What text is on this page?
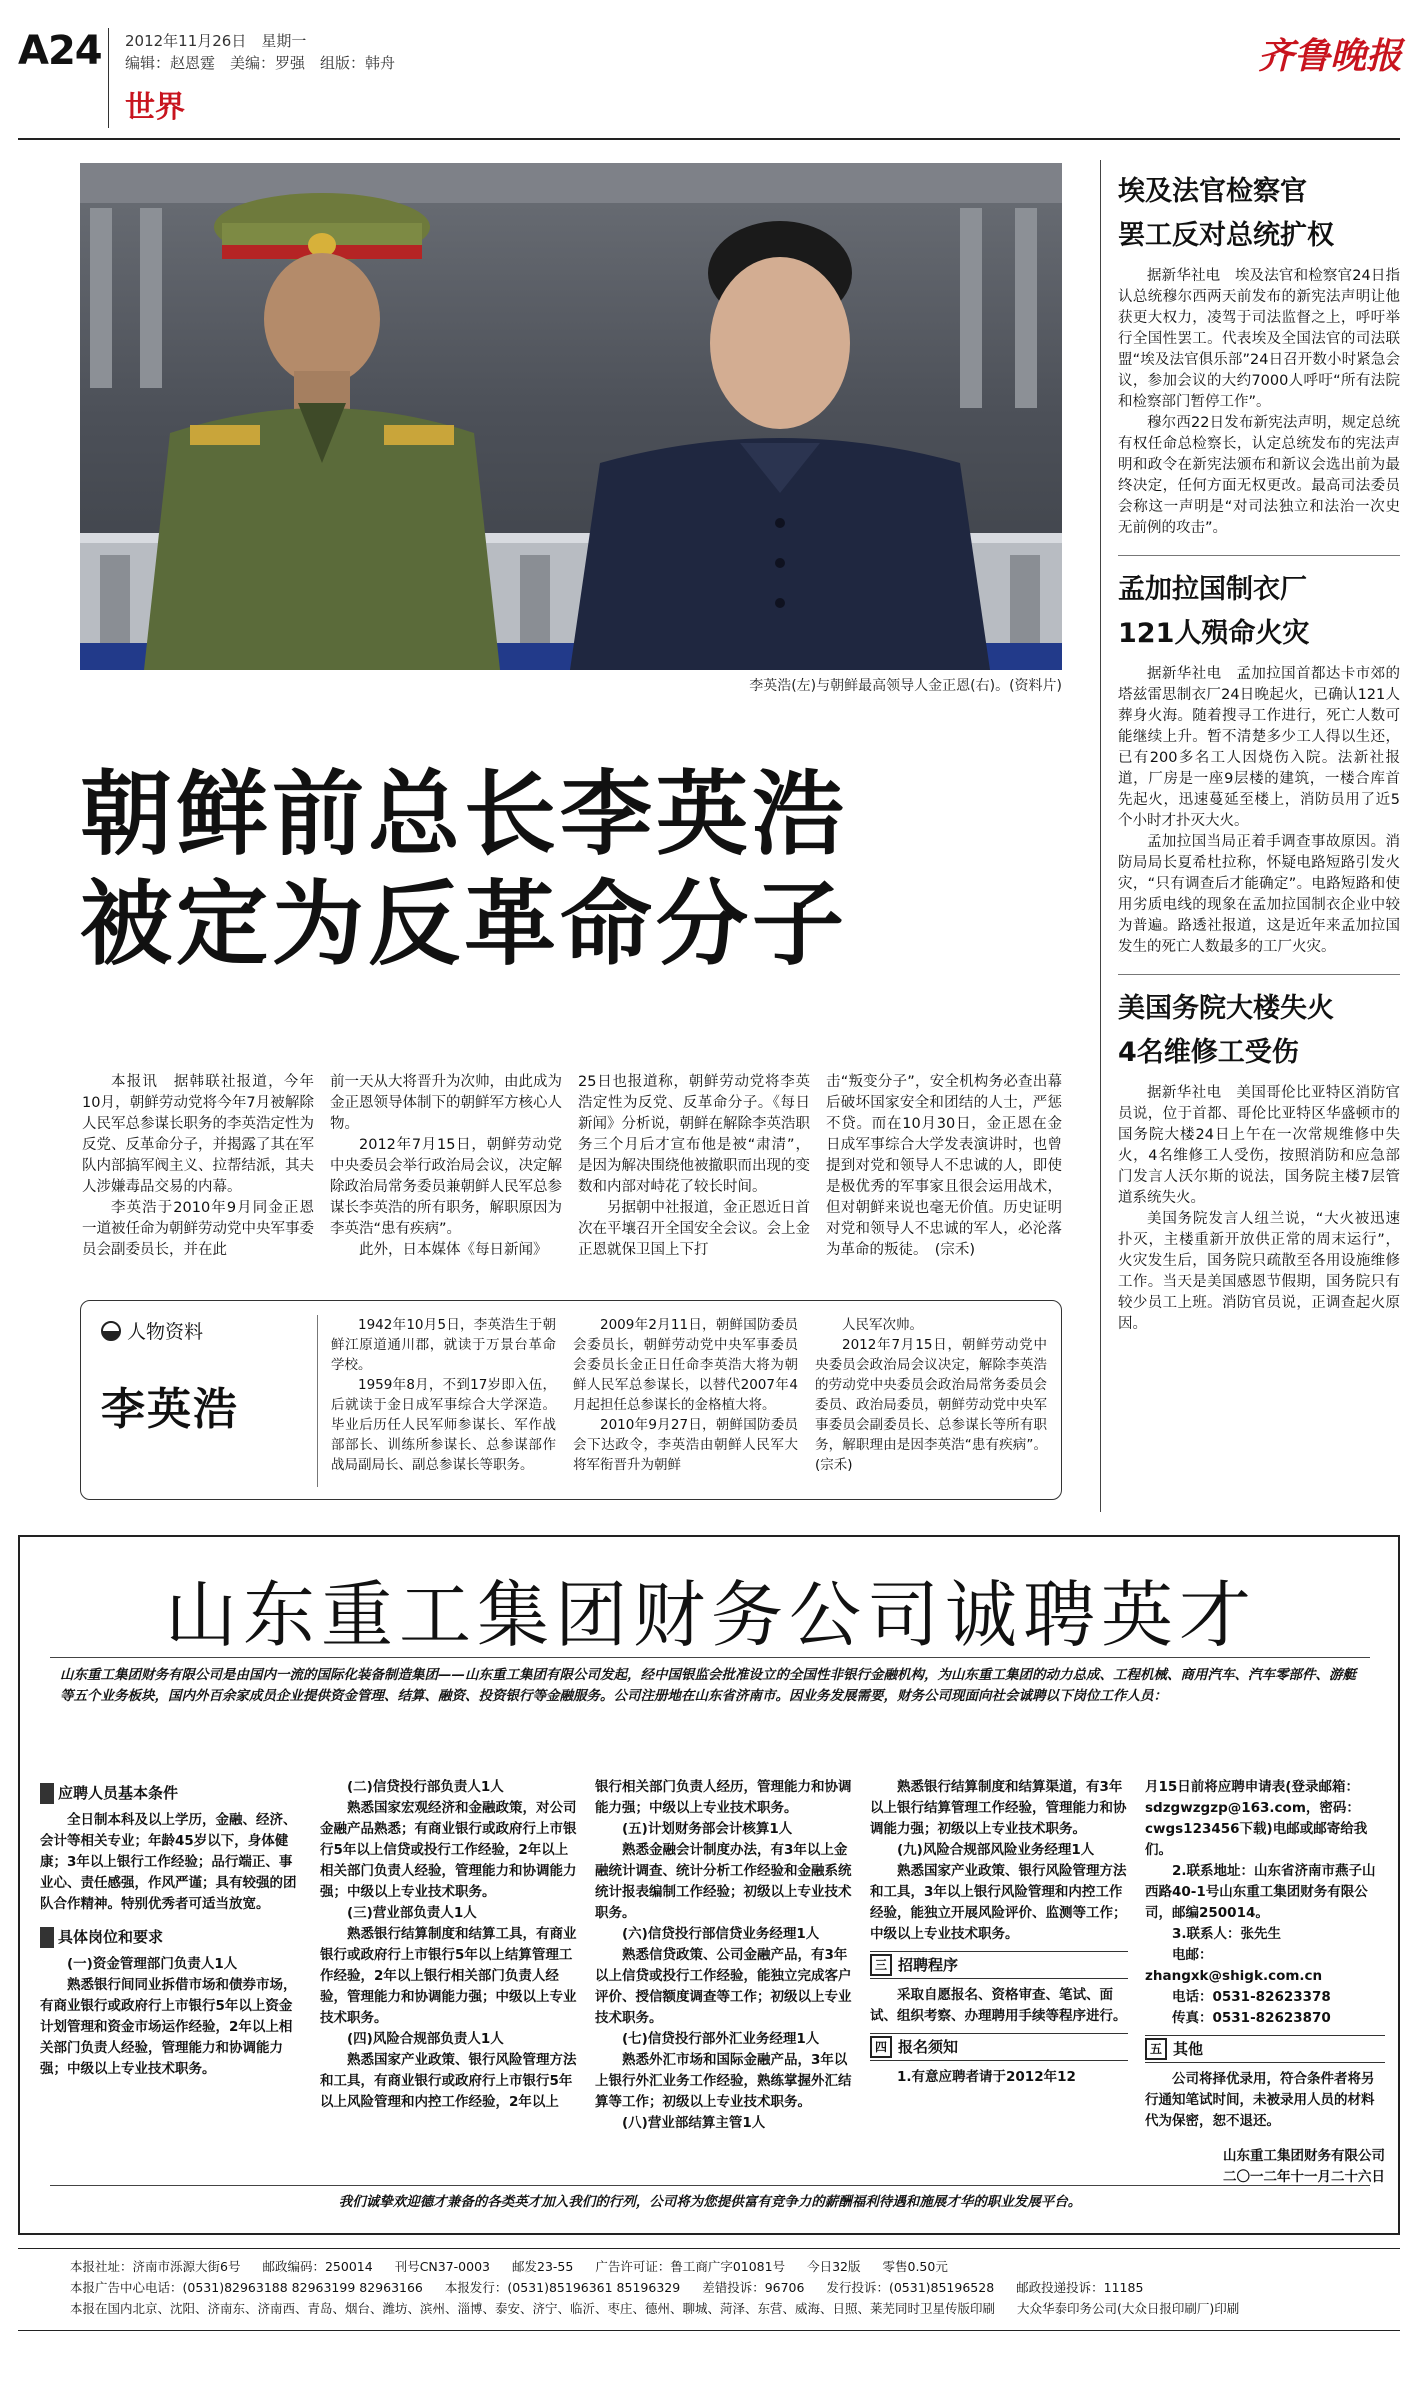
A24 2012年11月26日　星期一
编辑：赵恩霆　美编：罗强　组版：韩舟
世界
齐鲁晚报
李英浩(左)与朝鲜最高领导人金正恩(右)。(资料片)
朝鲜前总长李英浩
被定为反革命分子

本报讯　据韩联社报道，今年10月，朝鲜劳动党将今年7月被解除人民军总参谋长职务的李英浩定性为反党、反革命分子，并揭露了其在军队内部搞军阀主义、拉帮结派，其夫人涉嫌毒品交易的内幕。

李英浩于2010年9月同金正恩一道被任命为朝鲜劳动党中央军事委员会副委员长，并在此

前一天从大将晋升为次帅，由此成为金正恩领导体制下的朝鲜军方核心人物。

2012年7月15日，朝鲜劳动党中央委员会举行政治局会议，决定解除政治局常务委员兼朝鲜人民军总参谋长李英浩的所有职务，解职原因为李英浩“患有疾病”。

此外，日本媒体《每日新闻》

25日也报道称，朝鲜劳动党将李英浩定性为反党、反革命分子。《每日新闻》分析说，朝鲜在解除李英浩职务三个月后才宣布他是被“肃清”，是因为解决围绕他被撤职而出现的变数和内部对峙花了较长时间。

另据朝中社报道，金正恩近日首次在平壤召开全国安全会议。会上金正恩就保卫国上下打

击“叛变分子”，安全机构务必查出幕后破坏国家安全和团结的人士，严惩不贷。而在10月30日，金正恩在金日成军事综合大学发表演讲时，也曾提到对党和领导人不忠诚的人，即使是极优秀的军事家且很会运用战术，但对朝鲜来说也毫无价值。历史证明对党和领导人不忠诚的军人，必沦落为革命的叛徒。　(宗禾)

人物资料
李英浩

1942年10月5日，李英浩生于朝鲜江原道通川郡，就读于万景台革命学校。

1959年8月，不到17岁即入伍，后就读于金日成军事综合大学深造。毕业后历任人民军师参谋长、军作战部部长、训练所参谋长、总参谋部作战局副局长、副总参谋长等职务。

2009年2月11日，朝鲜国防委员会委员长，朝鲜劳动党中央军事委员会委员长金正日任命李英浩大将为朝鲜人民军总参谋长，以替代2007年4月起担任总参谋长的金格植大将。

2010年9月27日，朝鲜国防委员会下达政令，李英浩由朝鲜人民军大将军衔晋升为朝鲜

人民军次帅。

2012年7月15日，朝鲜劳动党中央委员会政治局会议决定，解除李英浩的劳动党中央委员会政治局常务委员会委员、政治局委员，朝鲜劳动党中央军事委员会副委员长、总参谋长等所有职务，解职理由是因李英浩“患有疾病”。(宗禾)

埃及法官检察官
罢工反对总统扩权

据新华社电　埃及法官和检察官24日指认总统穆尔西两天前发布的新宪法声明让他获更大权力，凌驾于司法监督之上，呼吁举行全国性罢工。代表埃及全国法官的司法联盟“埃及法官俱乐部”24日召开数小时紧急会议，参加会议的大约7000人呼吁“所有法院和检察部门暂停工作”。

穆尔西22日发布新宪法声明，规定总统有权任命总检察长，认定总统发布的宪法声明和政令在新宪法颁布和新议会选出前为最终决定，任何方面无权更改。最高司法委员会称这一声明是“对司法独立和法治一次史无前例的攻击”。

孟加拉国制衣厂
121人殒命火灾

据新华社电　孟加拉国首都达卡市郊的塔兹雷思制衣厂24日晚起火，已确认121人葬身火海。随着搜寻工作进行，死亡人数可能继续上升。暂不清楚多少工人得以生还，已有200多名工人因烧伤入院。法新社报道，厂房是一座9层楼的建筑，一楼合库首先起火，迅速蔓延至楼上，消防员用了近5个小时才扑灭大火。

孟加拉国当局正着手调查事故原因。消防局局长夏希杜拉称，怀疑电路短路引发火灾，“只有调查后才能确定”。电路短路和使用劣质电线的现象在孟加拉国制衣企业中较为普遍。路透社报道，这是近年来孟加拉国发生的死亡人数最多的工厂火灾。

美国务院大楼失火
4名维修工受伤

据新华社电　美国哥伦比亚特区消防官员说，位于首都、哥伦比亚特区华盛顿市的国务院大楼24日上午在一次常规维修中失火，4名维修工人受伤，按照消防和应急部门发言人沃尔斯的说法，国务院主楼7层管道系统失火。

美国务院发言人纽兰说，“大火被迅速扑灭，主楼重新开放供正常的周末运行”，火灾发生后，国务院只疏散至各用设施维修工作。当天是美国感恩节假期，国务院只有较少员工上班。消防官员说，正调查起火原因。

山东重工集团财务公司诚聘英才
山东重工集团财务有限公司是由国内一流的国际化装备制造集团——山东重工集团有限公司发起，经中国银监会批准设立的全国性非银行金融机构，为山东重工集团的动力总成、工程机械、商用汽车、汽车零部件、游艇等五个业务板块，国内外百余家成员企业提供资金管理、结算、融资、投资银行等金融服务。公司注册地在山东省济南市。因业务发展需要，财务公司现面向社会诚聘以下岗位工作人员：
应聘人员基本条件

全日制本科及以上学历，金融、经济、会计等相关专业；年龄45岁以下，身体健康；3年以上银行工作经验；品行端正、事业心、责任感强，作风严谨；具有较强的团队合作精神。特别优秀者可适当放宽。

具体岗位和要求

(一)资金管理部门负责人1人

熟悉银行间同业拆借市场和债券市场，有商业银行或政府行上市银行5年以上资金计划管理和资金市场运作经验，2年以上相关部门负责人经验，管理能力和协调能力强；中级以上专业技术职务。

(二)信贷投行部负责人1人

熟悉国家宏观经济和金融政策，对公司金融产品熟悉；有商业银行或政府行上市银行5年以上信贷或投行工作经验，2年以上相关部门负责人经验，管理能力和协调能力强；中级以上专业技术职务。

(三)营业部负责人1人

熟悉银行结算制度和结算工具，有商业银行或政府行上市银行5年以上结算管理工作经验，2年以上银行相关部门负责人经验，管理能力和协调能力强；中级以上专业技术职务。

(四)风险合规部负责人1人

熟悉国家产业政策、银行风险管理方法和工具，有商业银行或政府行上市银行5年以上风险管理和内控工作经验，2年以上

银行相关部门负责人经历，管理能力和协调能力强；中级以上专业技术职务。

(五)计划财务部会计核算1人

熟悉金融会计制度办法，有3年以上金融统计调查、统计分析工作经验和金融系统统计报表编制工作经验；初级以上专业技术职务。

(六)信贷投行部信贷业务经理1人

熟悉信贷政策、公司金融产品，有3年以上信贷或投行工作经验，能独立完成客户评价、授信额度调查等工作；初级以上专业技术职务。

(七)信贷投行部外汇业务经理1人

熟悉外汇市场和国际金融产品，3年以上银行外汇业务工作经验，熟练掌握外汇结算等工作；初级以上专业技术职务。

(八)营业部结算主管1人

熟悉银行结算制度和结算渠道，有3年以上银行结算管理工作经验，管理能力和协调能力强；初级以上专业技术职务。

(九)风险合规部风险业务经理1人

熟悉国家产业政策、银行风险管理方法和工具，3年以上银行风险管理和内控工作经验，能独立开展风险评价、监测等工作；中级以上专业技术职务。

三 招聘程序

采取自愿报名、资格审查、笔试、面试、组织考察、办理聘用手续等程序进行。

四 报名须知

1.有意应聘者请于2012年12

月15日前将应聘申请表(登录邮箱：sdzgwzgzp@163.com，密码：cwgs123456下载)电邮或邮寄给我们。

2.联系地址：山东省济南市燕子山西路40-1号山东重工集团财务有限公司，邮编250014。

3.联系人：张先生

电邮：zhangxk@shigk.com.cn

电话：0531-82623378

传真：0531-82623870

五 其他

公司将择优录用，符合条件者将另行通知笔试时间，未被录用人员的材料代为保密，恕不退还。

山东重工集团财务有限公司

二〇一二年十一月二十六日

我们诚挚欢迎德才兼备的各类英才加入我们的行列，公司将为您提供富有竞争力的薪酬福利待遇和施展才华的职业发展平台。
本报社址：济南市泺源大街6号 邮政编码：250014 刊号CN37-0003 邮发23-55 广告许可证：鲁工商广字01081号 今日32版 零售0.50元
本报广告中心电话：(0531)82963188 82963199 82963166 本报发行：(0531)85196361 85196329 差错投诉：96706 发行投诉：(0531)85196528 邮政投递投诉：11185
本报在国内北京、沈阳、济南东、济南西、青岛、烟台、潍坊、滨州、淄博、泰安、济宁、临沂、枣庄、德州、聊城、菏泽、东营、威海、日照、莱芜同时卫星传版印刷 大众华泰印务公司(大众日报印刷厂)印刷
